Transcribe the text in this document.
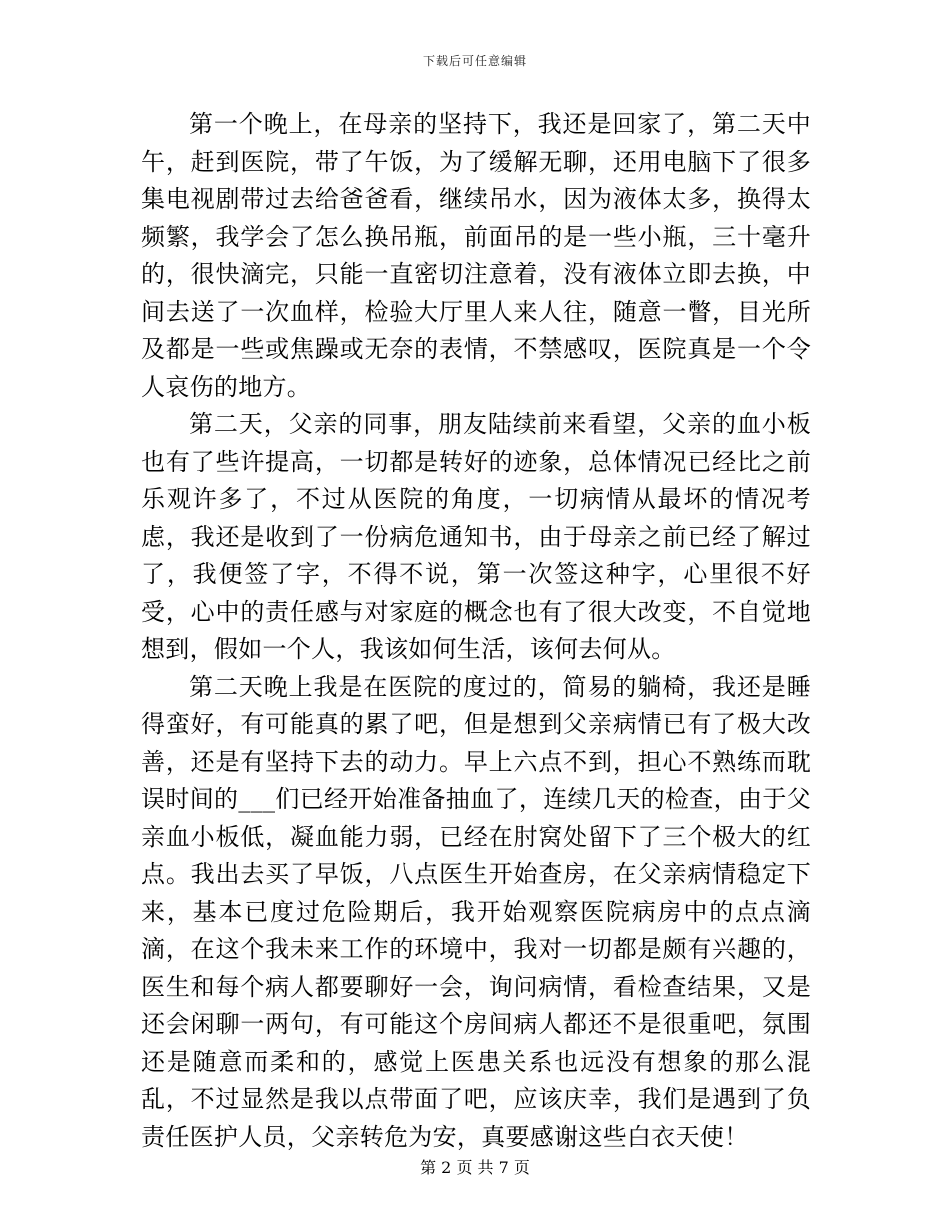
下载后可任意编辑

第一个晚上，在母亲的坚持下，我还是回家了，第二天中午，赶到医院，带了午饭，为了缓解无聊，还用电脑下了很多集电视剧带过去给爸爸看，继续吊水，因为液体太多，换得太频繁，我学会了怎么换吊瓶，前面吊的是一些小瓶，三十毫升的，很快滴完，只能一直密切注意着，没有液体立即去换，中间去送了一次血样，检验大厅里人来人往，随意一瞥，目光所及都是一些或焦躁或无奈的表情，不禁感叹，医院真是一个令人哀伤的地方。

第二天，父亲的同事，朋友陆续前来看望，父亲的血小板也有了些许提高，一切都是转好的迹象，总体情况已经比之前乐观许多了，不过从医院的角度，一切病情从最坏的情况考虑，我还是收到了一份病危通知书，由于母亲之前已经了解过了，我便签了字，不得不说，第一次签这种字，心里很不好受，心中的责任感与对家庭的概念也有了很大改变，不自觉地想到，假如一个人，我该如何生活，该何去何从。

第二天晚上我是在医院的度过的，简易的躺椅，我还是睡得蛮好，有可能真的累了吧，但是想到父亲病情已有了极大改善，还是有坚持下去的动力。早上六点不到，担心不熟练而耽误时间的___们已经开始准备抽血了，连续几天的检查，由于父亲血小板低，凝血能力弱，已经在肘窝处留下了三个极大的红点。我出去买了早饭，八点医生开始查房，在父亲病情稳定下来，基本已度过危险期后，我开始观察医院病房中的点点滴滴，在这个我未来工作的环境中，我对一切都是颇有兴趣的，医生和每个病人都要聊好一会，询问病情，看检查结果，又是还会闲聊一两句，有可能这个房间病人都还不是很重吧，氛围还是随意而柔和的，感觉上医患关系也远没有想象的那么混乱，不过显然是我以点带面了吧，应该庆幸，我们是遇到了负责任医护人员，父亲转危为安，真要感谢这些白衣天使！

第 2 页 共 7 页
